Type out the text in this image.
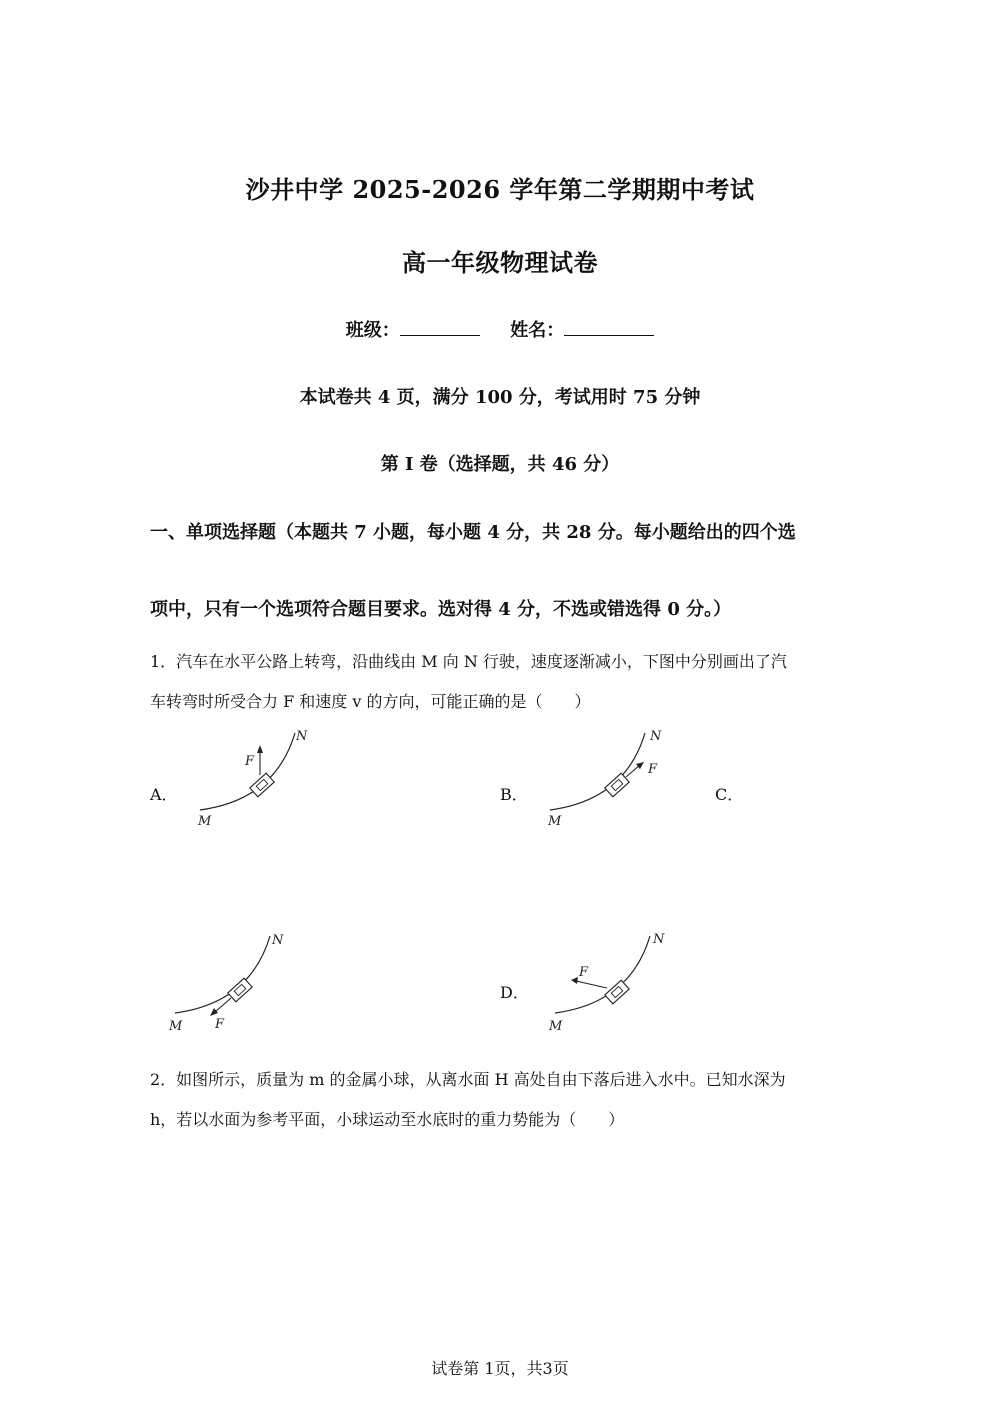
沙井中学 2025-2026 学年第二学期期中考试
高一年级物理试卷
班级：	姓名：
本试卷共 4 页，满分 100 分，考试用时 75 分钟
第 I 卷（选择题，共 46 分）
一、单项选择题（本题共 7 小题，每小题 4 分，共 28 分。每小题给出的四个选
项中，只有一个选项符合题目要求。选对得 4 分，不选或错选得 0 分。）
1．汽车在水平公路上转弯，沿曲线由 M 向 N 行驶，速度逐渐减小，下图中分别画出了汽
车转弯时所受合力 F 和速度 v 的方向，可能正确的是（　　）
A．	B．	C．
D．
F
N
M
F
N
M
F
N
M
F
N
M
2．如图所示，质量为 m 的金属小球，从离水面 H 高处自由下落后进入水中。已知水深为
h，若以水面为参考平面，小球运动至水底时的重力势能为（　　）
试卷第 1页，共3页
